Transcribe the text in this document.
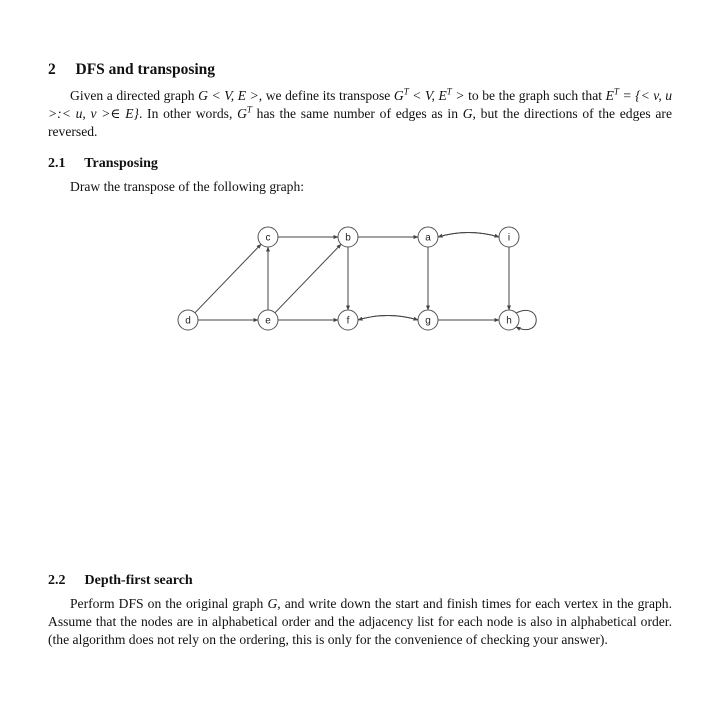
2 DFS and transposing

Given a directed graph G < V, E >, we define its transpose $G^T < V$, $E^T$ > to be the graph such that $E^T$ = {< v, u >:< u, v >∈ E}. In other words, $G^T$ has the same number of edges as in G, but the directions of the edges are reversed.

2.1 Transposing

Draw the transpose of the following graph:

c	b	a	i
d	e	f	g	h
2.2 Depth-first search

Perform DFS on the original graph G, and write down the start and finish times for each vertex in the graph. Assume that the nodes are in alphabetical order and the adjacency list for each node is also in alphabetical order. (the algorithm does not rely on the ordering, this is only for the convenience of checking your answer).
